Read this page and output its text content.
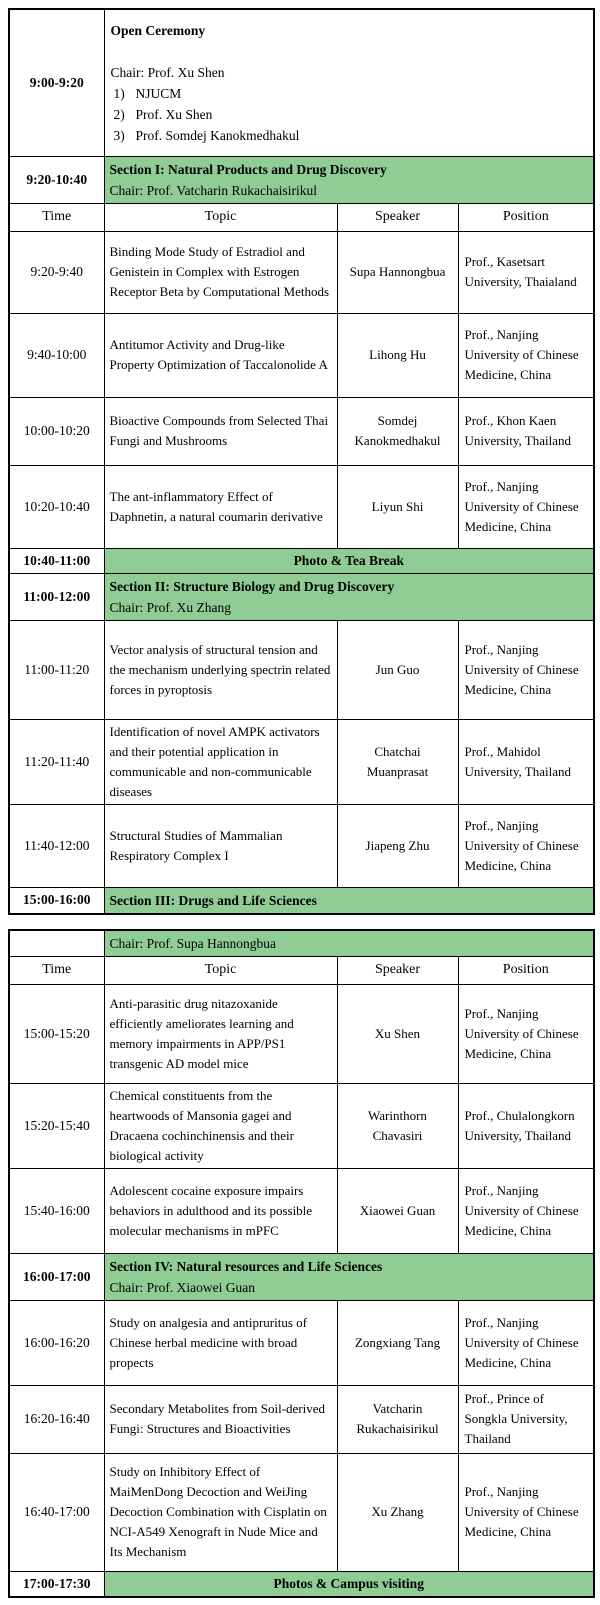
9:00-9:20	Open Ceremony
Chair: Prof. Xu Shen
1) NJUCM
2) Prof. Xu Shen
3) Prof. Somdej Kanokmedhakul		

9:20-10:40	Section I: Natural Products and Drug Discovery
Chair: Prof. Vatcharin Rukachaisirikul		

Time	Topic	Speaker	Position
9:20-9:40	Binding Mode Study of Estradiol and Genistein in Complex with Estrogen Receptor Beta by Computational Methods	Supa Hannongbua	Prof., Kasetsart University, Thaialand
9:40-10:00	Antitumor Activity and Drug-like Property Optimization of Taccalonolide A	Lihong Hu	Prof., Nanjing University of Chinese Medicine, China
10:00-10:20	Bioactive Compounds from Selected Thai Fungi and Mushrooms	Somdej Kanokmedhakul	Prof., Khon Kaen University, Thailand
10:20-10:40	The ant-inflammatory Effect of Daphnetin, a natural coumarin derivative	Liyun Shi	Prof., Nanjing University of Chinese Medicine, China
10:40-11:00	Photo & Tea Break		
11:00-12:00	Section II: Structure Biology and Drug Discovery
Chair: Prof. Xu Zhang		

11:00-11:20	Vector analysis of structural tension and the mechanism underlying spectrin related forces in pyroptosis	Jun Guo	Prof., Nanjing University of Chinese Medicine, China
11:20-11:40	Identification of novel AMPK activators and their potential application in communicable and non-communicable diseases	Chatchai Muanprasat	Prof., Mahidol University, Thailand
11:40-12:00	Structural Studies of Mammalian Respiratory Complex I	Jiapeng Zhu	Prof., Nanjing University of Chinese Medicine, China
15:00-16:00	Section III: Drugs and Life Sciences		
	Chair: Prof. Supa Hannongbua		
Time	Topic	Speaker	Position
15:00-15:20	Anti-parasitic drug nitazoxanide efficiently ameliorates learning and memory impairments in APP/PS1 transgenic AD model mice	Xu Shen	Prof., Nanjing University of Chinese Medicine, China
15:20-15:40	Chemical constituents from the heartwoods of Mansonia gagei and Dracaena cochinchinensis and their biological activity	Warinthorn Chavasiri	Prof., Chulalongkorn University, Thailand
15:40-16:00	Adolescent cocaine exposure impairs behaviors in adulthood and its possible molecular mechanisms in mPFC	Xiaowei Guan	Prof., Nanjing University of Chinese Medicine, China
16:00-17:00	Section IV: Natural resources and Life Sciences
Chair: Prof. Xiaowei Guan		

16:00-16:20	Study on analgesia and antipruritus of Chinese herbal medicine with broad propects	Zongxiang Tang	Prof., Nanjing University of Chinese Medicine, China
16:20-16:40	Secondary Metabolites from Soil-derived Fungi: Structures and Bioactivities	Vatcharin Rukachaisirikul	Prof., Prince of Songkla University, Thailand
16:40-17:00	Study on Inhibitory Effect of MaiMenDong Decoction and WeiJing Decoction Combination with Cisplatin on NCI-A549 Xenograft in Nude Mice and Its Mechanism	Xu Zhang	Prof., Nanjing University of Chinese Medicine, China
17:00-17:30	Photos & Campus visiting		
